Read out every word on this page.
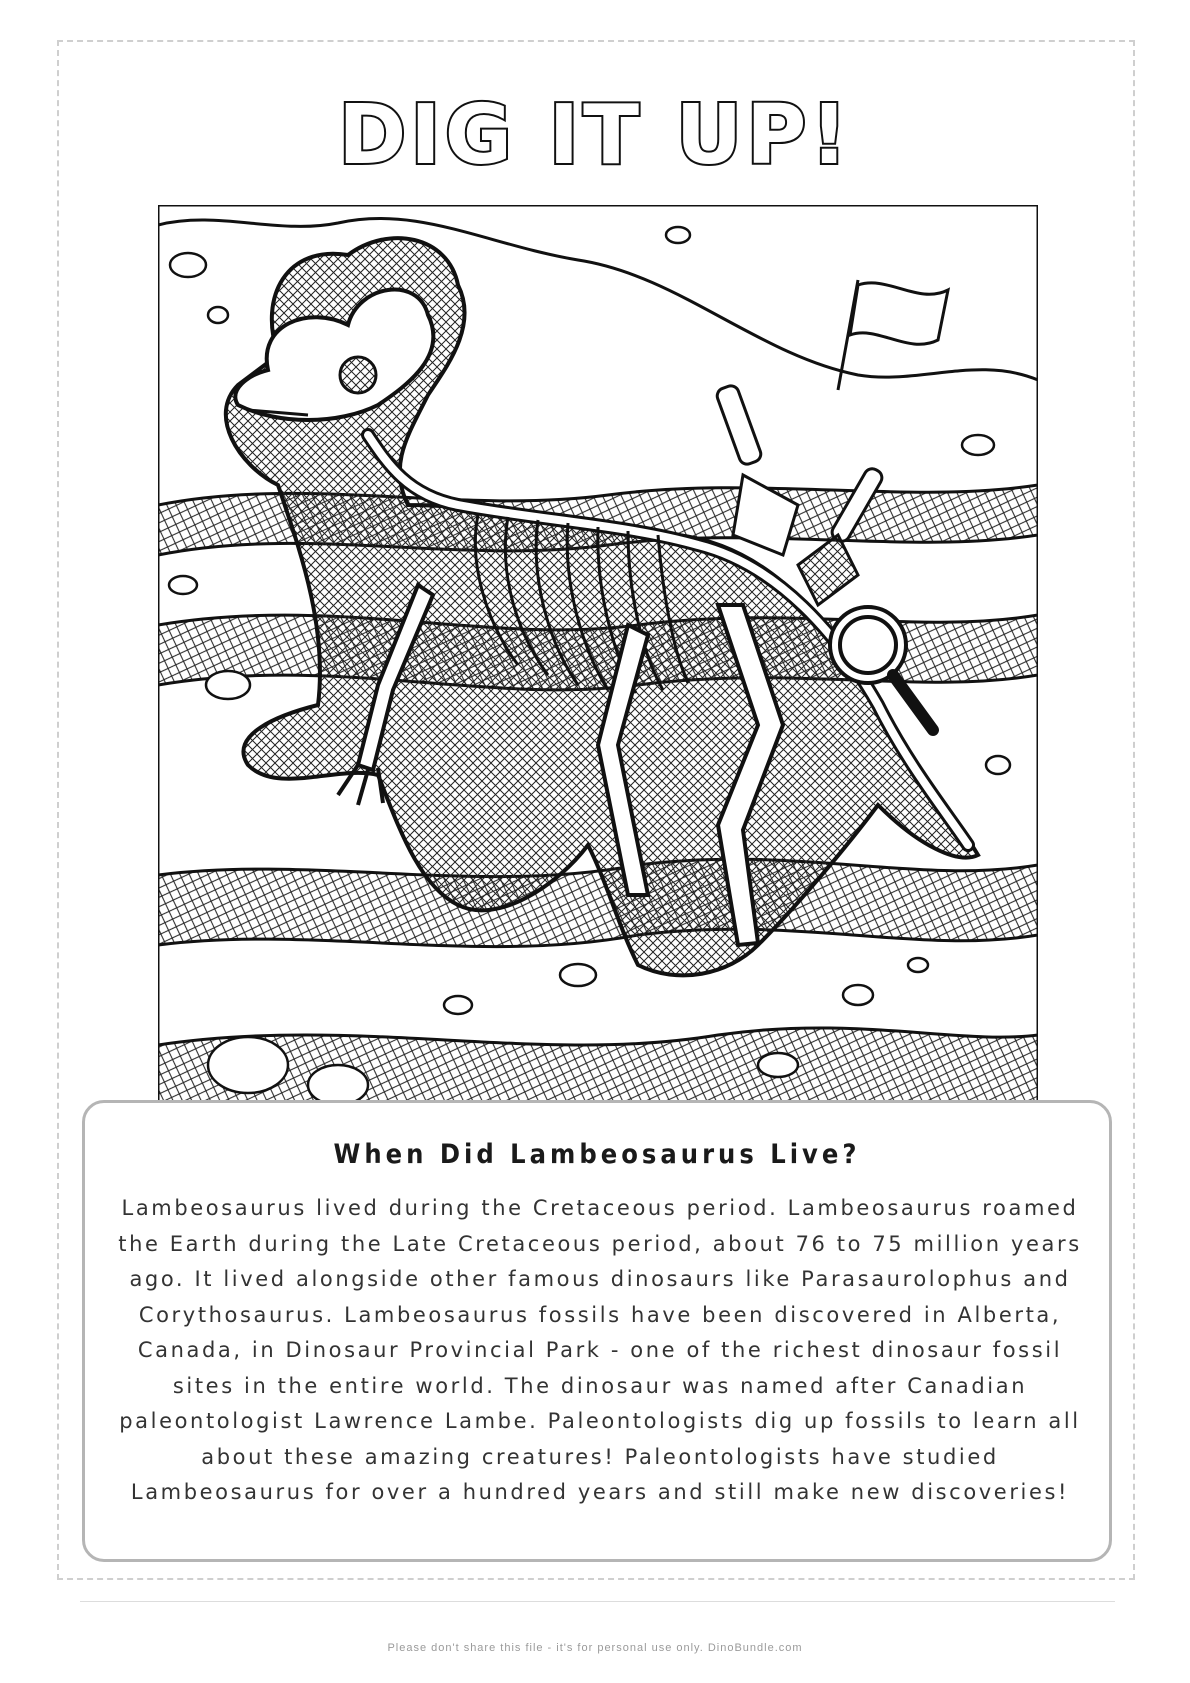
DIG IT UP!
When Did Lambeosaurus Live?
Lambeosaurus lived during the Cretaceous period. Lambeosaurus roamed the Earth during the Late Cretaceous period, about 76 to 75 million years ago. It lived alongside other famous dinosaurs like Parasaurolophus and Corythosaurus. Lambeosaurus fossils have been discovered in Alberta, Canada, in Dinosaur Provincial Park - one of the richest dinosaur fossil sites in the entire world. The dinosaur was named after Canadian paleontologist Lawrence Lambe. Paleontologists dig up fossils to learn all about these amazing creatures! Paleontologists have studied Lambeosaurus for over a hundred years and still make new discoveries!
Please don't share this file - it's for personal use only. DinoBundle.com
